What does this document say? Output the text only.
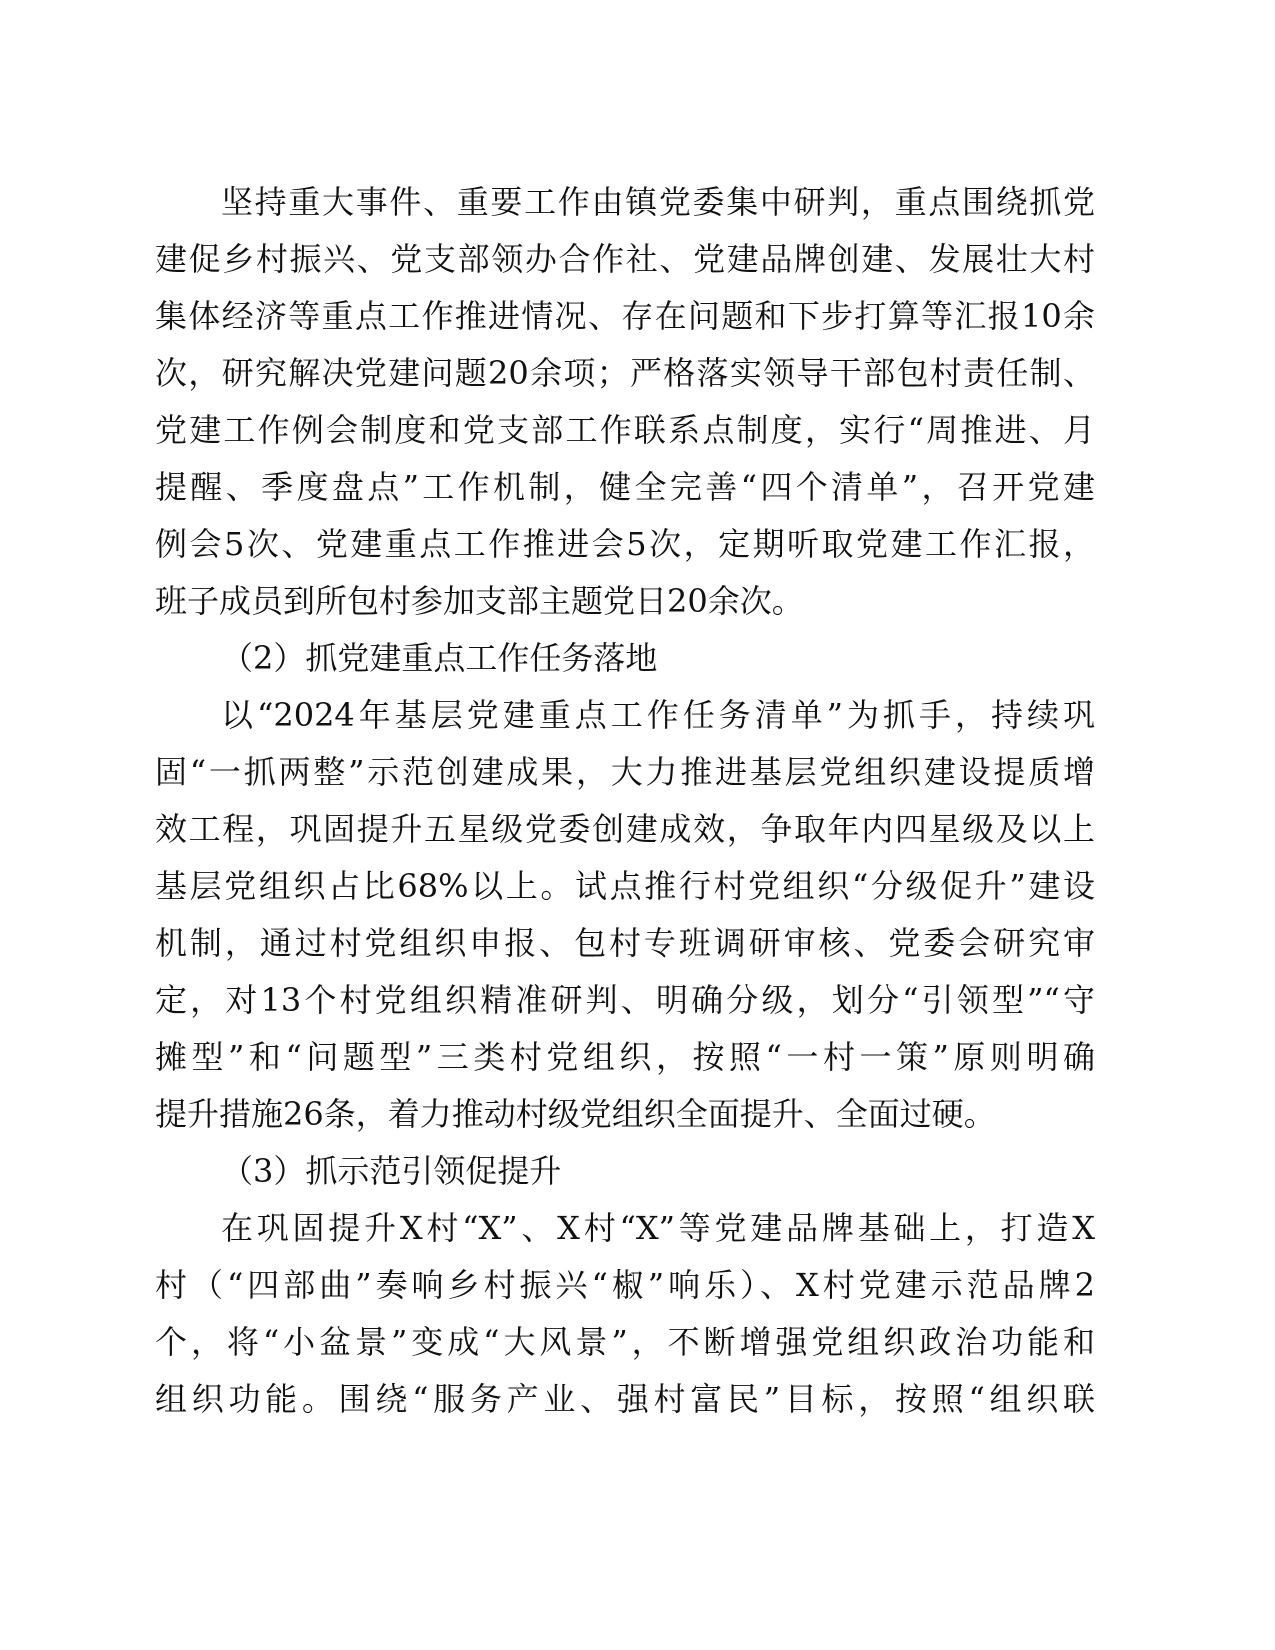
坚持重大事件、重要工作由镇党委集中研判，重点围绕抓党
建促乡村振兴、党支部领办合作社、党建品牌创建、发展壮大村
集体经济等重点工作推进情况、存在问题和下步打算等汇报10余
次，研究解决党建问题20余项；严格落实领导干部包村责任制、
党建工作例会制度和党支部工作联系点制度，实行“周推进、月
提醒、季度盘点”工作机制，健全完善“四个清单”，召开党建
例会5次、党建重点工作推进会5次，定期听取党建工作汇报，
班子成员到所包村参加支部主题党日20余次。
（2）抓党建重点工作任务落地
以“2024年基层党建重点工作任务清单”为抓手，持续巩
固“一抓两整”示范创建成果，大力推进基层党组织建设提质增
效工程，巩固提升五星级党委创建成效，争取年内四星级及以上
基层党组织占比68%以上。试点推行村党组织“分级促升”建设
机制，通过村党组织申报、包村专班调研审核、党委会研究审
定，对13个村党组织精准研判、明确分级，划分“引领型”“守
摊型”和“问题型”三类村党组织，按照“一村一策”原则明确
提升措施26条，着力推动村级党组织全面提升、全面过硬。
（3）抓示范引领促提升
在巩固提升X村“X”、X村“X”等党建品牌基础上，打造X
村（“四部曲”奏响乡村振兴“椒”响乐）、X村党建示范品牌2
个，将“小盆景”变成“大风景”，不断增强党组织政治功能和
组织功能。围绕“服务产业、强村富民”目标，按照“组织联
